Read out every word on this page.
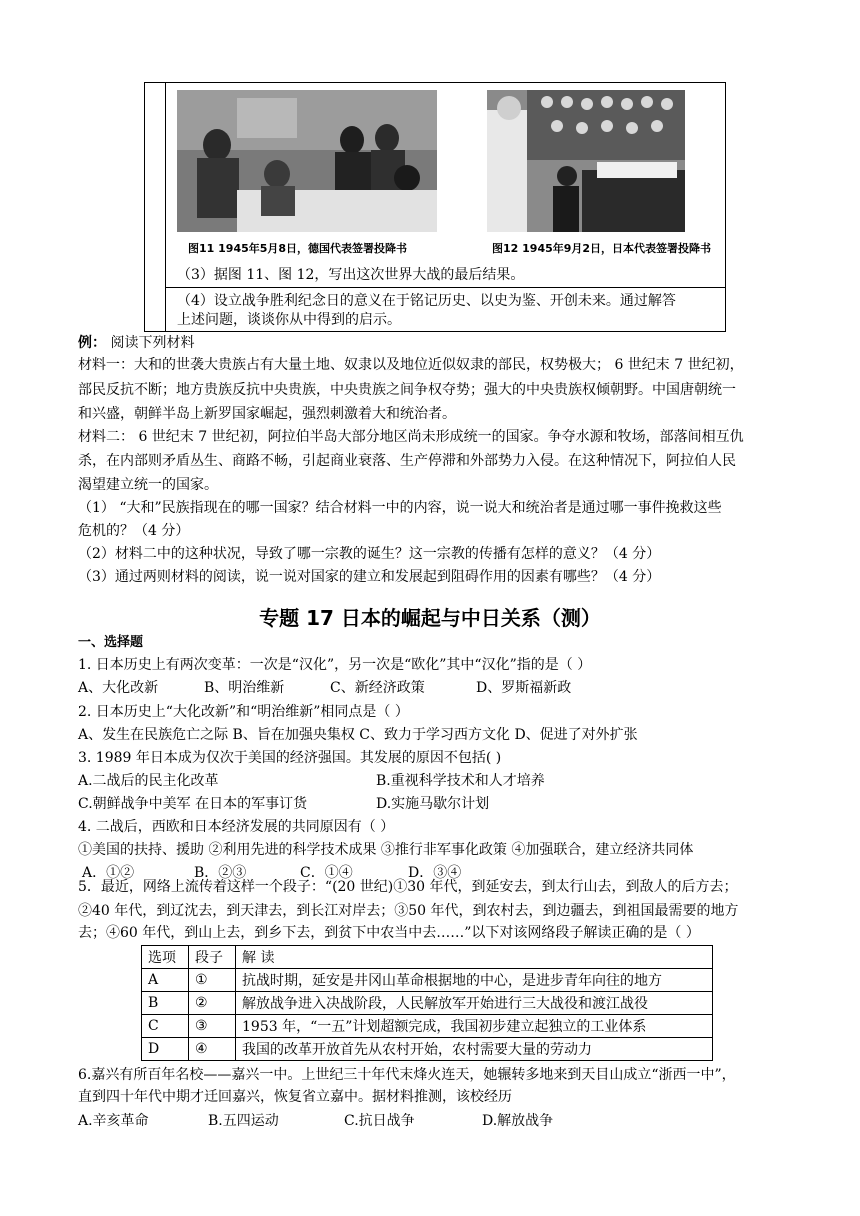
图11 1945年5月8日，德国代表签署投降书	图12 1945年9月2日，日本代表签署投降书
（3）据图 11、图 12，写出这次世界大战的最后结果。
（4）设立战争胜利纪念日的意义在于铭记历史、以史为鉴、开创未来。通过解答
上述问题，谈谈你从中得到的启示。
例： 阅读下列材料
材料一：大和的世袭大贵族占有大量土地、奴隶以及地位近似奴隶的部民，权势极大； 6 世纪末 7 世纪初，
部民反抗不断；地方贵族反抗中央贵族，中央贵族之间争权夺势；强大的中央贵族权倾朝野。中国唐朝统一
和兴盛，朝鲜半岛上新罗国家崛起，强烈刺激着大和统治者。
材料二： 6 世纪末 7 世纪初，阿拉伯半岛大部分地区尚未形成统一的国家。争夺水源和牧场，部落间相互仇
杀，在内部则矛盾丛生、商路不畅，引起商业衰落、生产停滞和外部势力入侵。在这种情况下，阿拉伯人民
渴望建立统一的国家。
（1） “大和”民族指现在的哪一国家？结合材料一中的内容，说一说大和统治者是通过哪一事件挽救这些
危机的？（4 分）
（2）材料二中的这种状况，导致了哪一宗教的诞生？这一宗教的传播有怎样的意义？（4 分）
（3）通过两则材料的阅读，说一说对国家的建立和发展起到阻碍作用的因素有哪些？（4 分）
专题 17 日本的崛起与中日关系（测）
一、选择题
1. 日本历史上有两次变革：一次是“汉化”，另一次是“欧化”其中“汉化”指的是（ ）
A、大化改新	B、明治维新	C、新经济政策	D、罗斯福新政
2. 日本历史上“大化改新”和“明治维新”相同点是（ ）
A、发生在民族危亡之际 B、旨在加强央集权 C、致力于学习西方文化 D、促进了对外扩张
3. 1989 年日本成为仅次于美国的经济强国。其发展的原因不包括( )
A.二战后的民主化改革	B.重视科学技术和人才培养
C.朝鲜战争中美军 在日本的军事订货	D.实施马歇尔计划
4. 二战后，西欧和日本经济发展的共同原因有（ ）
①美国的扶持、援助 ②利用先进的科学技术成果 ③推行非军事化政策 ④加强联合，建立经济共同体
A．①②	B．②③	C．①④	D．③④
5．最近，网络上流传着这样一个段子：“(20 世纪)①30 年代，到延安去，到太行山去，到敌人的后方去；
②40 年代，到辽沈去，到天津去，到长江对岸去；③50 年代，到农村去，到边疆去，到祖国最需要的地方
去；④60 年代，到山上去，到乡下去，到贫下中农当中去……”以下对该网络段子解读正确的是（ ）
选项	段子	解 读
A	①	抗战时期，延安是井冈山革命根据地的中心，是进步青年向往的地方
B	②	解放战争进入决战阶段，人民解放军开始进行三大战役和渡江战役
C	③	1953 年，“一五”计划超额完成，我国初步建立起独立的工业体系
D	④	我国的改革开放首先从农村开始，农村需要大量的劳动力
6.嘉兴有所百年名校——嘉兴一中。上世纪三十年代末烽火连天，她辗转多地来到天目山成立“浙西一中”，
直到四十年代中期才迁回嘉兴，恢复省立嘉中。据材料推测，该校经历
A.辛亥革命	B.五四运动	C.抗日战争	D.解放战争
